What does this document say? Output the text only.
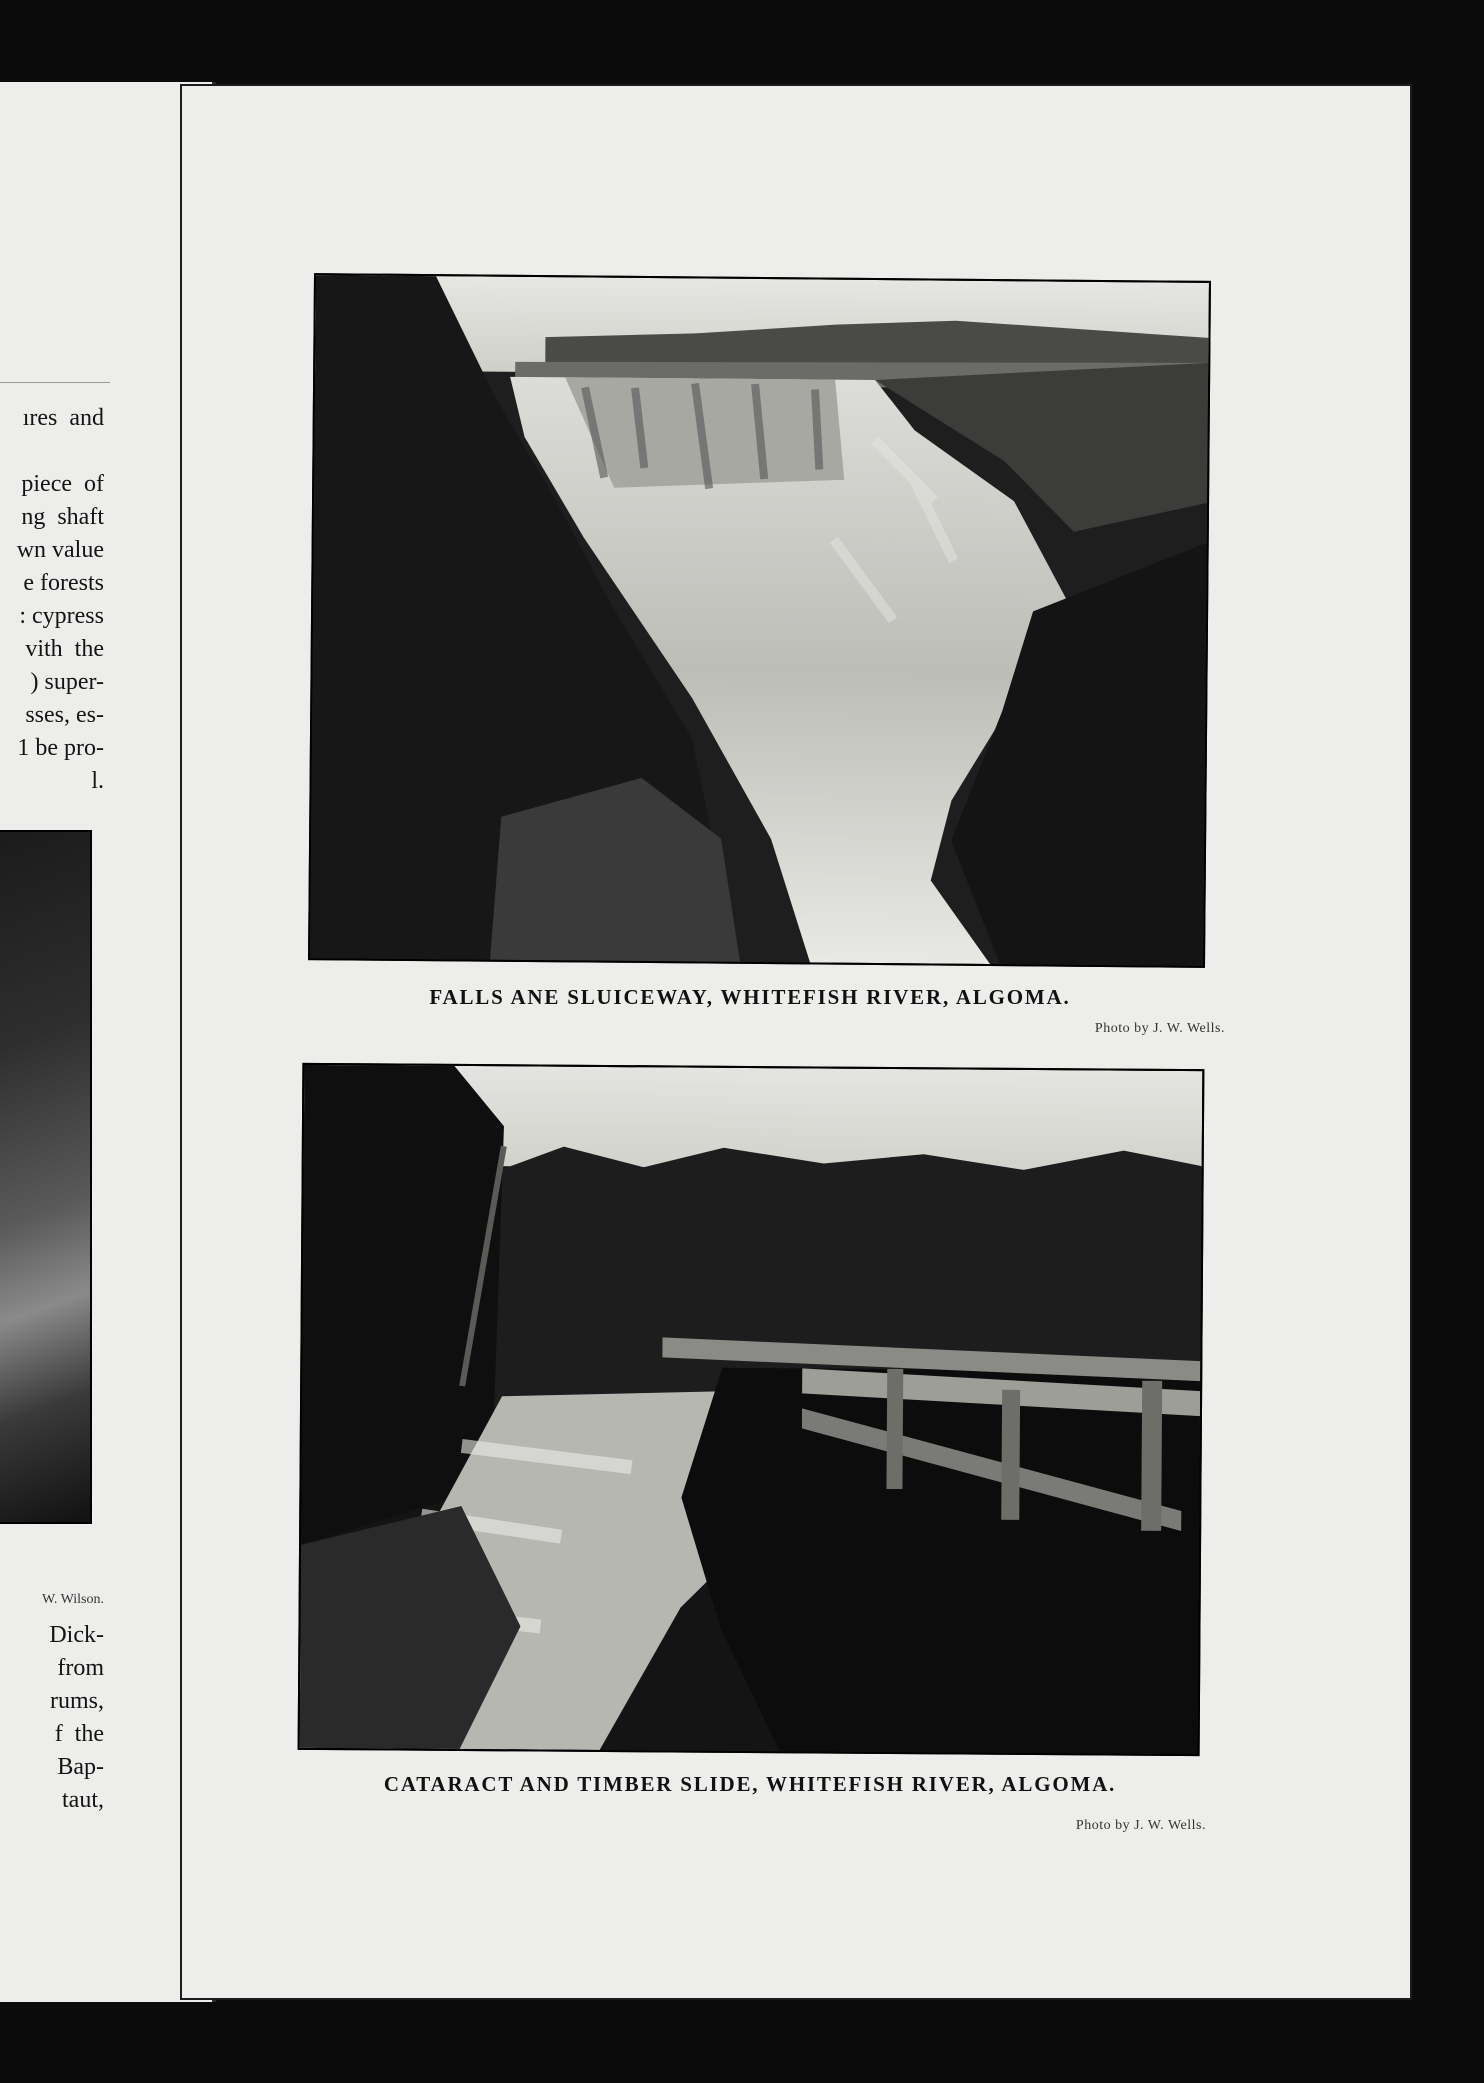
ıres  and

piece  of
ng  shaft
wn value
e forests
: cypress
vith  the
) super-
sses, es-
1 be pro-
l.
W. Wilson.
Dick-
from
rums,
f  the
Bap-
taut,
FALLS ANE SLUICEWAY, WHITEFISH RIVER, ALGOMA.
Photo by J. W. Wells.
CATARACT AND TIMBER SLIDE, WHITEFISH RIVER, ALGOMA.
Photo by J. W. Wells.
